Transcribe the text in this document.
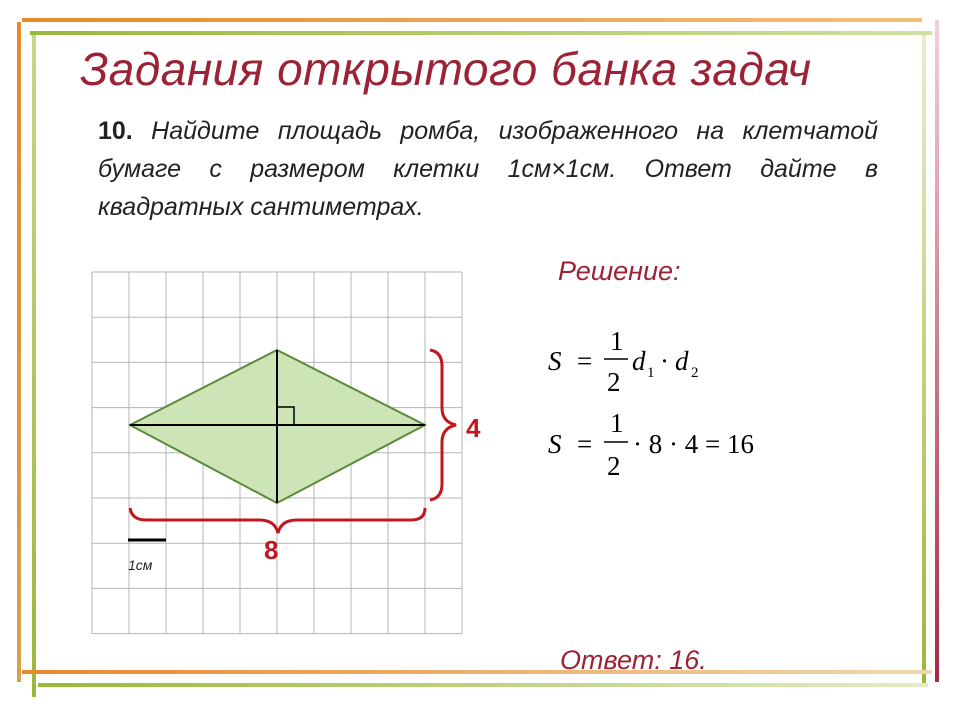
Задания открытого банка задач

10. Найдите площадь ромба, изображенного на клетчатой бумаге с размером клетки 1см×1см. Ответ дайте в квадратных сантиметрах.

1см
4
8
S =
1
2
d 1 · d 2
S =
1
2
· 8 · 4 = 16
Решение:
Ответ: 16.
